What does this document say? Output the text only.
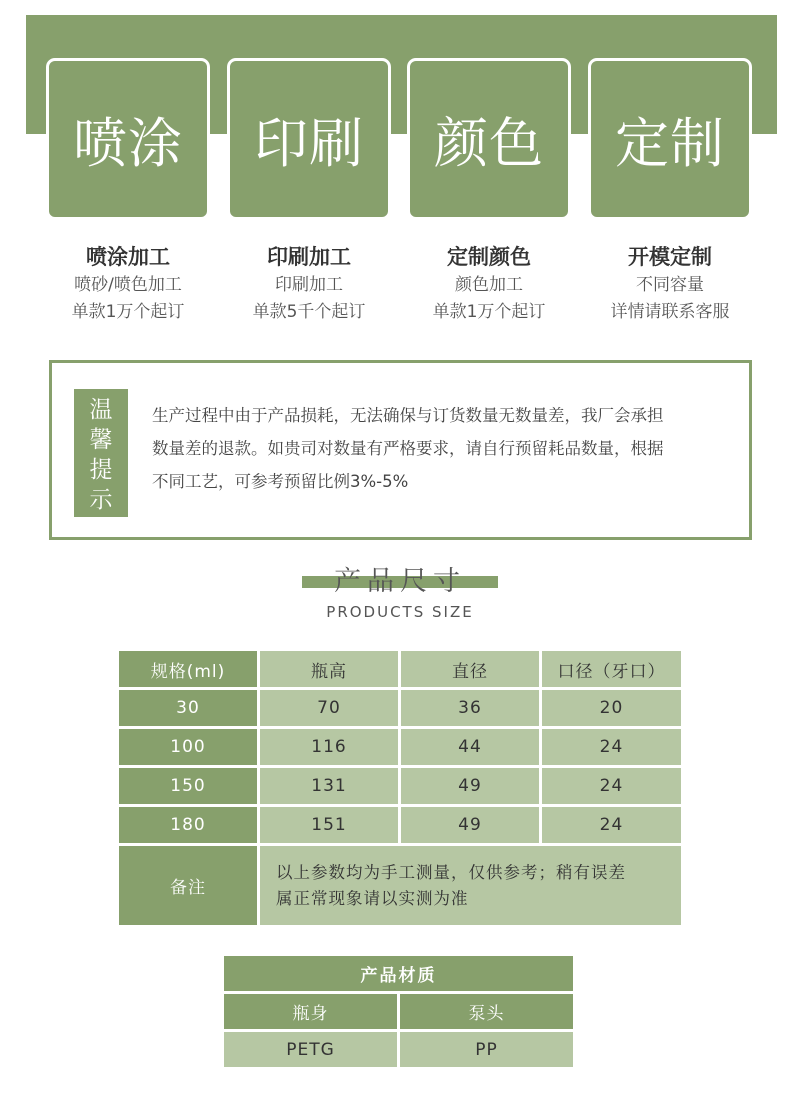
喷涂 印刷 颜色 定制
喷涂加工
喷砂/喷色加工
单款1万个起订
印刷加工
印刷加工
单款5千个起订
定制颜色
颜色加工
单款1万个起订
开模定制
不同容量
详情请联系客服
温
馨
提
示
生产过程中由于产品损耗，无法确保与订货数量无数量差，我厂会承担
数量差的退款。如贵司对数量有严格要求，请自行预留耗品数量，根据
不同工艺，可参考预留比例3%-5%
产品尺寸
PRODUCTS SIZE
规格(ml)	瓶高	直径	口径（牙口）
30	70	36	20
100	116	44	24
150	131	49	24
180	151	49	24
备注	以上参数均为手工测量，仅供参考；稍有误差
属正常现象请以实测为准		
产品材质	
瓶身	泵头
PETG	PP
